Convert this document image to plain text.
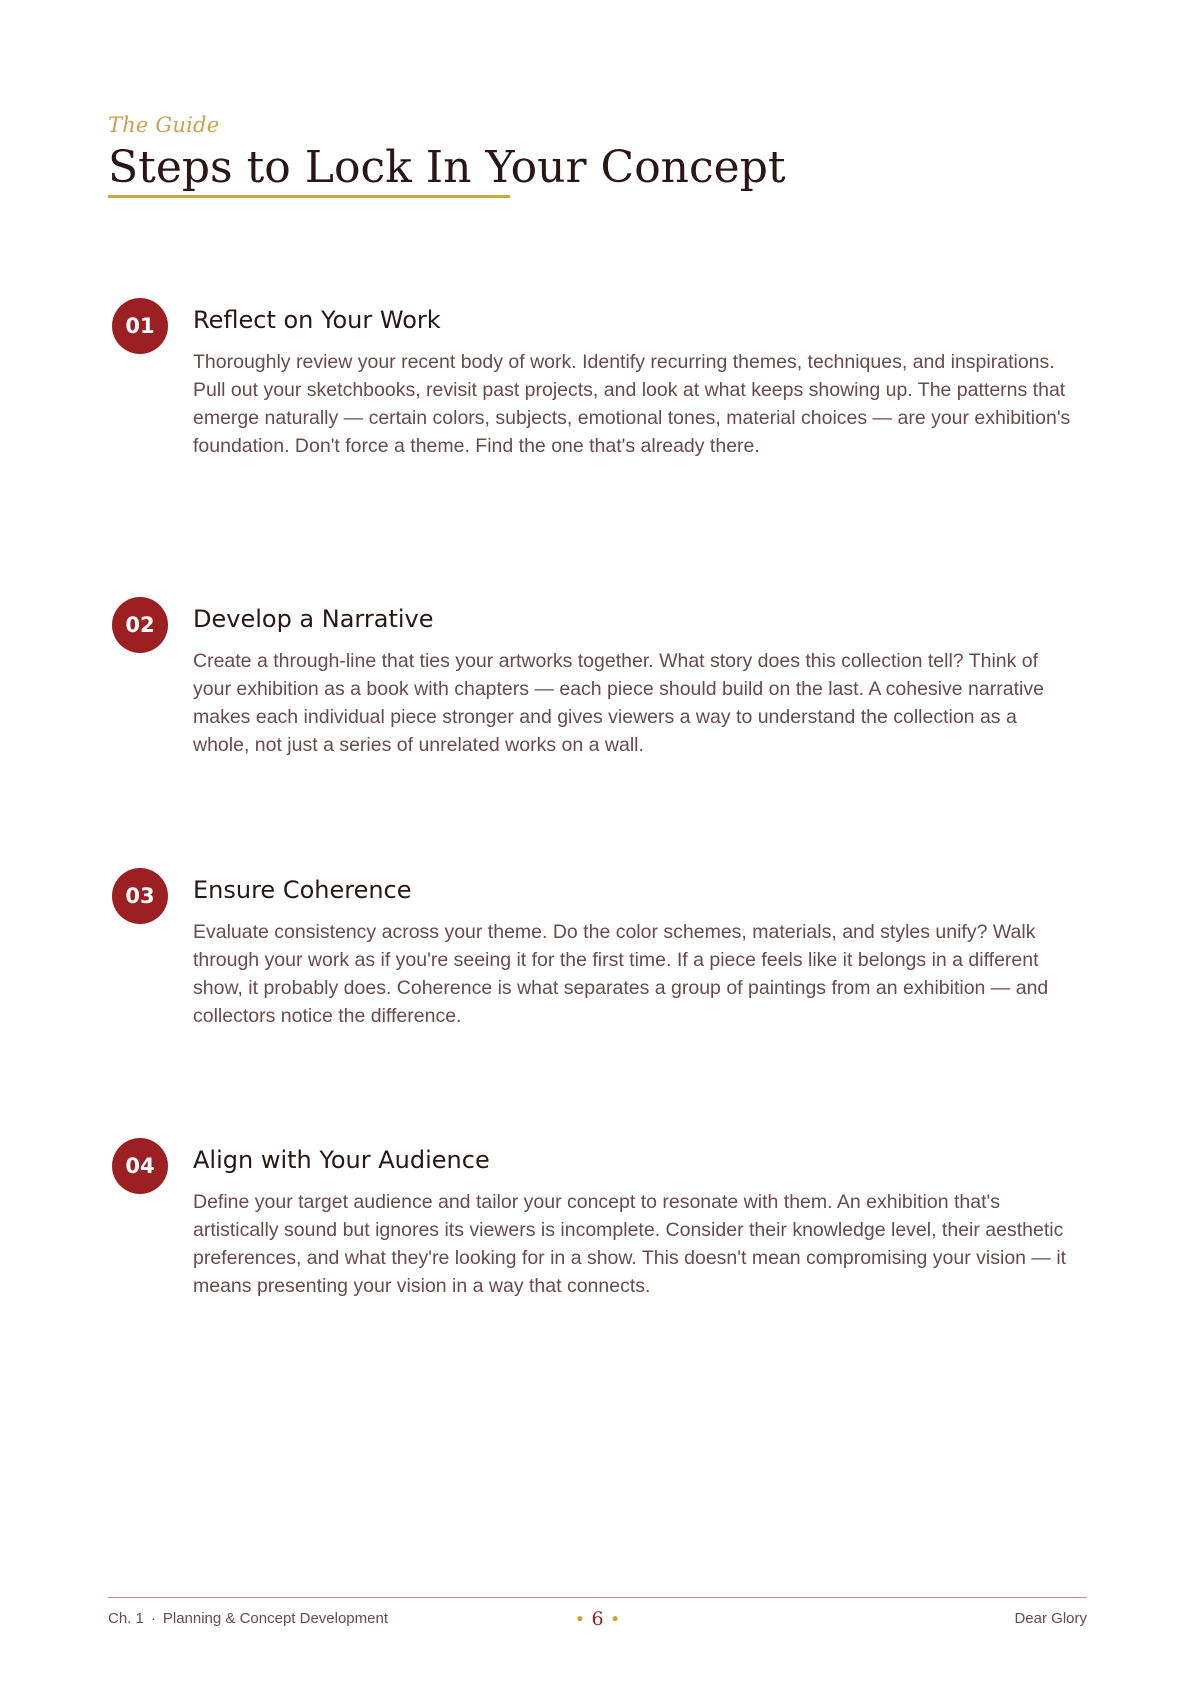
The Guide
Steps to Lock In Your Concept
01	Reflect on Your Work

Thoroughly review your recent body of work. Identify recurring themes, techniques, and inspirations. Pull out your sketchbooks, revisit past projects, and look at what keeps showing up. The patterns that emerge naturally — certain colors, subjects, emotional tones, material choices — are your exhibition's foundation. Don't force a theme. Find the one that's already there.

02	Develop a Narrative

Create a through-line that ties your artworks together. What story does this collection tell? Think of your exhibition as a book with chapters — each piece should build on the last. A cohesive narrative makes each individual piece stronger and gives viewers a way to understand the collection as a whole, not just a series of unrelated works on a wall.

03	Ensure Coherence

Evaluate consistency across your theme. Do the color schemes, materials, and styles unify? Walk through your work as if you're seeing it for the first time. If a piece feels like it belongs in a different show, it probably does. Coherence is what separates a group of paintings from an exhibition — and collectors notice the difference.

04	Align with Your Audience

Define your target audience and tailor your concept to resonate with them. An exhibition that's artistically sound but ignores its viewers is incomplete. Consider their knowledge level, their aesthetic preferences, and what they're looking for in a show. This doesn't mean compromising your vision — it means presenting your vision in a way that connects.

Ch. 1 · Planning & Concept Development	● 6 ●	Dear Glory
